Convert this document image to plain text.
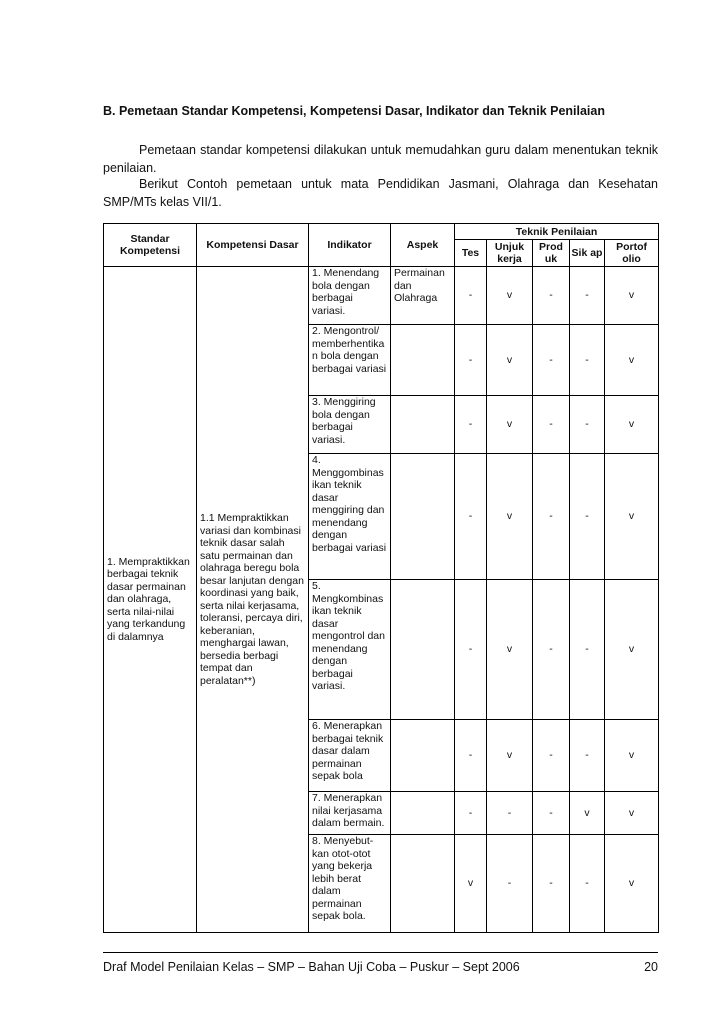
B. Pemetaan Standar Kompetensi, Kompetensi Dasar, Indikator dan Teknik Penilaian
Pemetaan standar kompetensi dilakukan untuk memudahkan guru dalam menentukan teknik penilaian.
Berikut Contoh pemetaan untuk mata Pendidikan Jasmani, Olahraga dan Kesehatan SMP/MTs kelas VII/1.
Standar Kompetensi	Kompetensi Dasar	Indikator	Aspek	Teknik Penilaian				
				Tes	Unjuk kerja	Prod uk	Sik ap	Portof olio
1. Mempraktikkan berbagai teknik dasar permainan dan olahraga, serta nilai-nilai yang terkandung di dalamnya	1.1 Mempraktikkan variasi dan kombinasi teknik dasar salah satu permainan dan olahraga beregu bola besar lanjutan dengan koordinasi yang baik, serta nilai kerjasama, toleransi, percaya diri, keberanian, menghargai lawan, bersedia berbagi tempat dan peralatan**)	1. Menendang bola dengan berbagai variasi.	Permainan dan Olahraga	-	v	-	-	v
		2. Mengontrol/ memberhentika n bola dengan berbagai variasi		-	v	-	-	v
		3. Menggiring bola dengan berbagai variasi.		-	v	-	-	v
		4. Menggombinas ikan teknik dasar menggiring dan menendang dengan berbagai variasi		-	v	-	-	v
		5. Mengkombinas ikan teknik dasar mengontrol dan menendang dengan berbagai variasi.		-	v	-	-	v
		6. Menerapkan berbagai teknik dasar dalam permainan sepak bola		-	v	-	-	v
		7. Menerapkan nilai kerjasama dalam bermain.		-	-	-	v	v
		8. Menyebut-kan otot-otot yang bekerja lebih berat dalam permainan sepak bola.		v	-	-	-	v
Draf Model Penilaian Kelas – SMP – Bahan Uji Coba – Puskur – Sept 2006	20
